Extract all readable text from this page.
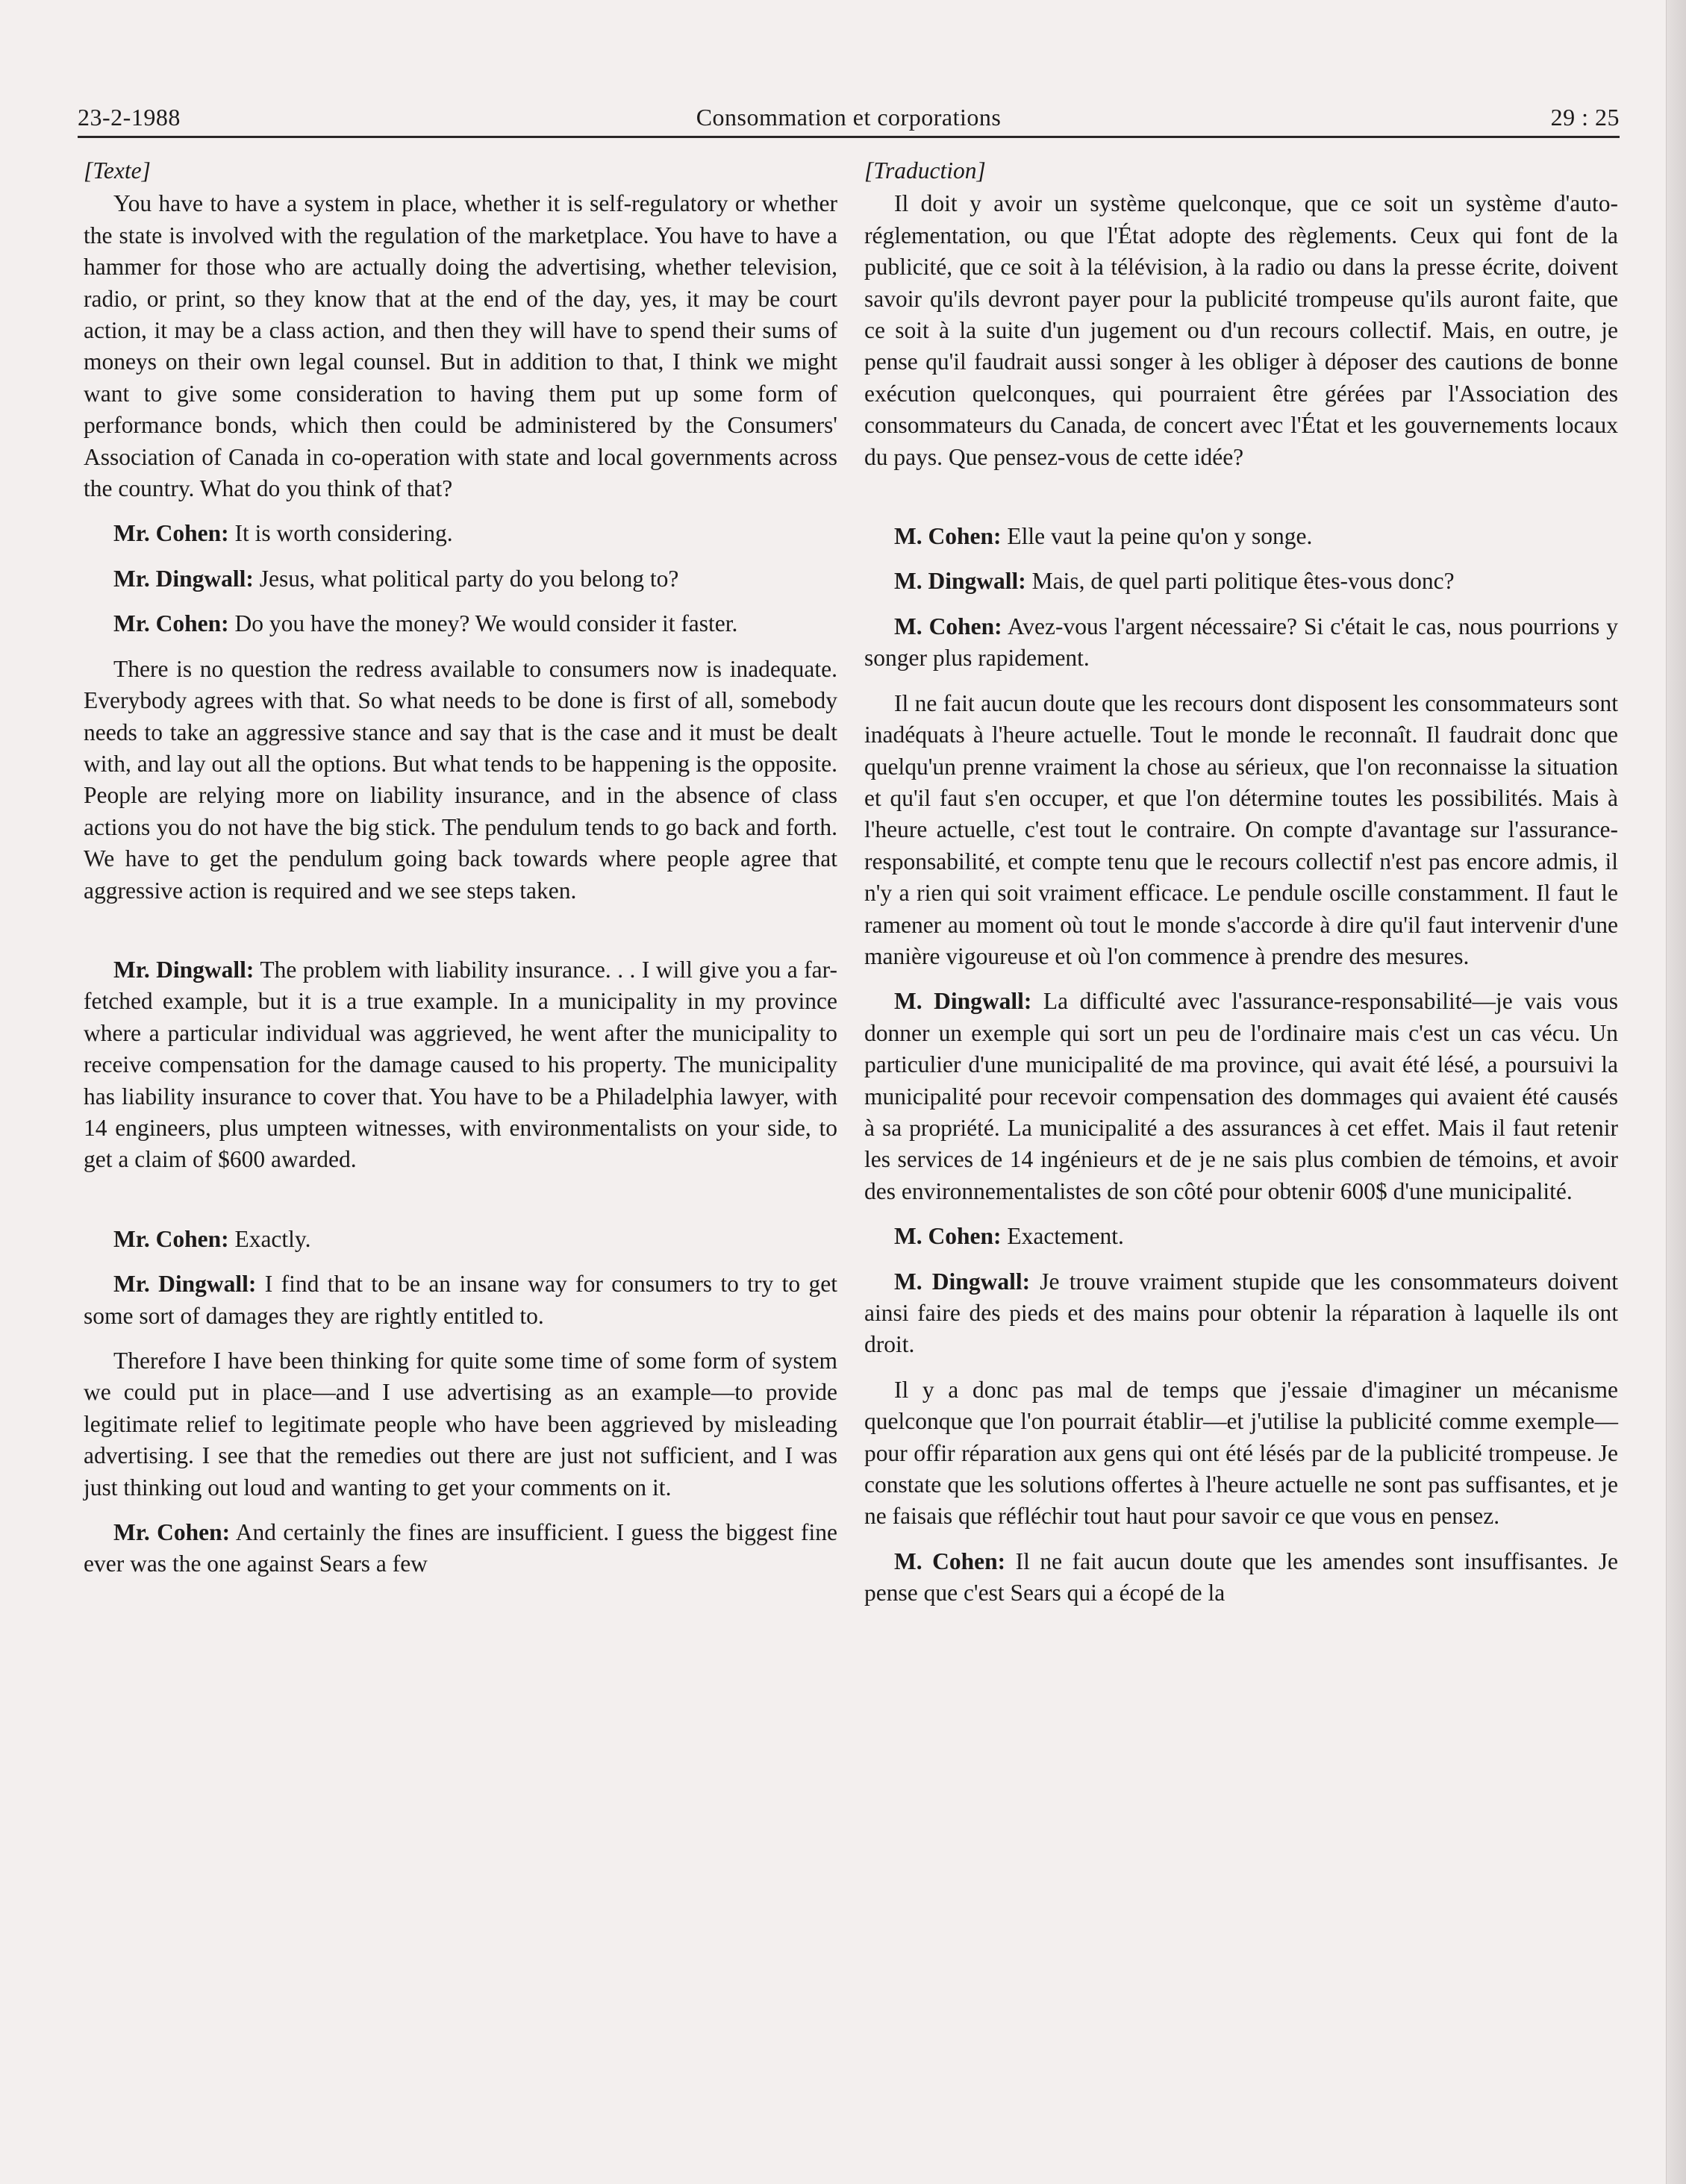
23-2-1988	Consommation et corporations	29 : 25
[Texte]

You have to have a system in place, whether it is self-regulatory or whether the state is involved with the regulation of the marketplace. You have to have a hammer for those who are actually doing the advertising, whether television, radio, or print, so they know that at the end of the day, yes, it may be court action, it may be a class action, and then they will have to spend their sums of moneys on their own legal counsel. But in addition to that, I think we might want to give some consideration to having them put up some form of performance bonds, which then could be administered by the Consumers' Association of Canada in co-operation with state and local governments across the country. What do you think of that?

Mr. Cohen: It is worth considering.

Mr. Dingwall: Jesus, what political party do you belong to?

Mr. Cohen: Do you have the money? We would consider it faster.

There is no question the redress available to consumers now is inadequate. Everybody agrees with that. So what needs to be done is first of all, somebody needs to take an aggressive stance and say that is the case and it must be dealt with, and lay out all the options. But what tends to be happening is the opposite. People are relying more on liability insurance, and in the absence of class actions you do not have the big stick. The pendulum tends to go back and forth. We have to get the pendulum going back towards where people agree that aggressive action is required and we see steps taken.

Mr. Dingwall: The problem with liability insurance. . . I will give you a far-fetched example, but it is a true example. In a municipality in my province where a particular individual was aggrieved, he went after the municipality to receive compensation for the damage caused to his property. The municipality has liability insurance to cover that. You have to be a Philadelphia lawyer, with 14 engineers, plus umpteen witnesses, with environmentalists on your side, to get a claim of $600 awarded.

Mr. Cohen: Exactly.

Mr. Dingwall: I find that to be an insane way for consumers to try to get some sort of damages they are rightly entitled to.

Therefore I have been thinking for quite some time of some form of system we could put in place—and I use advertising as an example—to provide legitimate relief to legitimate people who have been aggrieved by misleading advertising. I see that the remedies out there are just not sufficient, and I was just thinking out loud and wanting to get your comments on it.

Mr. Cohen: And certainly the fines are insufficient. I guess the biggest fine ever was the one against Sears a few

[Traduction]

Il doit y avoir un système quelconque, que ce soit un système d'auto-réglementation, ou que l'État adopte des règlements. Ceux qui font de la publicité, que ce soit à la télévision, à la radio ou dans la presse écrite, doivent savoir qu'ils devront payer pour la publicité trompeuse qu'ils auront faite, que ce soit à la suite d'un jugement ou d'un recours collectif. Mais, en outre, je pense qu'il faudrait aussi songer à les obliger à déposer des cautions de bonne exécution quelconques, qui pourraient être gérées par l'Association des consommateurs du Canada, de concert avec l'État et les gouvernements locaux du pays. Que pensez-vous de cette idée?

M. Cohen: Elle vaut la peine qu'on y songe.

M. Dingwall: Mais, de quel parti politique êtes-vous donc?

M. Cohen: Avez-vous l'argent nécessaire? Si c'était le cas, nous pourrions y songer plus rapidement.

Il ne fait aucun doute que les recours dont disposent les consommateurs sont inadéquats à l'heure actuelle. Tout le monde le reconnaît. Il faudrait donc que quelqu'un prenne vraiment la chose au sérieux, que l'on reconnaisse la situation et qu'il faut s'en occuper, et que l'on détermine toutes les possibilités. Mais à l'heure actuelle, c'est tout le contraire. On compte d'avantage sur l'assurance-responsabilité, et compte tenu que le recours collectif n'est pas encore admis, il n'y a rien qui soit vraiment efficace. Le pendule oscille constamment. Il faut le ramener au moment où tout le monde s'accorde à dire qu'il faut intervenir d'une manière vigoureuse et où l'on commence à prendre des mesures.

M. Dingwall: La difficulté avec l'assurance-responsabilité—je vais vous donner un exemple qui sort un peu de l'ordinaire mais c'est un cas vécu. Un particulier d'une municipalité de ma province, qui avait été lésé, a poursuivi la municipalité pour recevoir compensation des dommages qui avaient été causés à sa propriété. La municipalité a des assurances à cet effet. Mais il faut retenir les services de 14 ingénieurs et de je ne sais plus combien de témoins, et avoir des environnementalistes de son côté pour obtenir 600$ d'une municipalité.

M. Cohen: Exactement.

M. Dingwall: Je trouve vraiment stupide que les consommateurs doivent ainsi faire des pieds et des mains pour obtenir la réparation à laquelle ils ont droit.

Il y a donc pas mal de temps que j'essaie d'imaginer un mécanisme quelconque que l'on pourrait établir—et j'utilise la publicité comme exemple—pour offir réparation aux gens qui ont été lésés par de la publicité trompeuse. Je constate que les solutions offertes à l'heure actuelle ne sont pas suffisantes, et je ne faisais que réfléchir tout haut pour savoir ce que vous en pensez.

M. Cohen: Il ne fait aucun doute que les amendes sont insuffisantes. Je pense que c'est Sears qui a écopé de la
